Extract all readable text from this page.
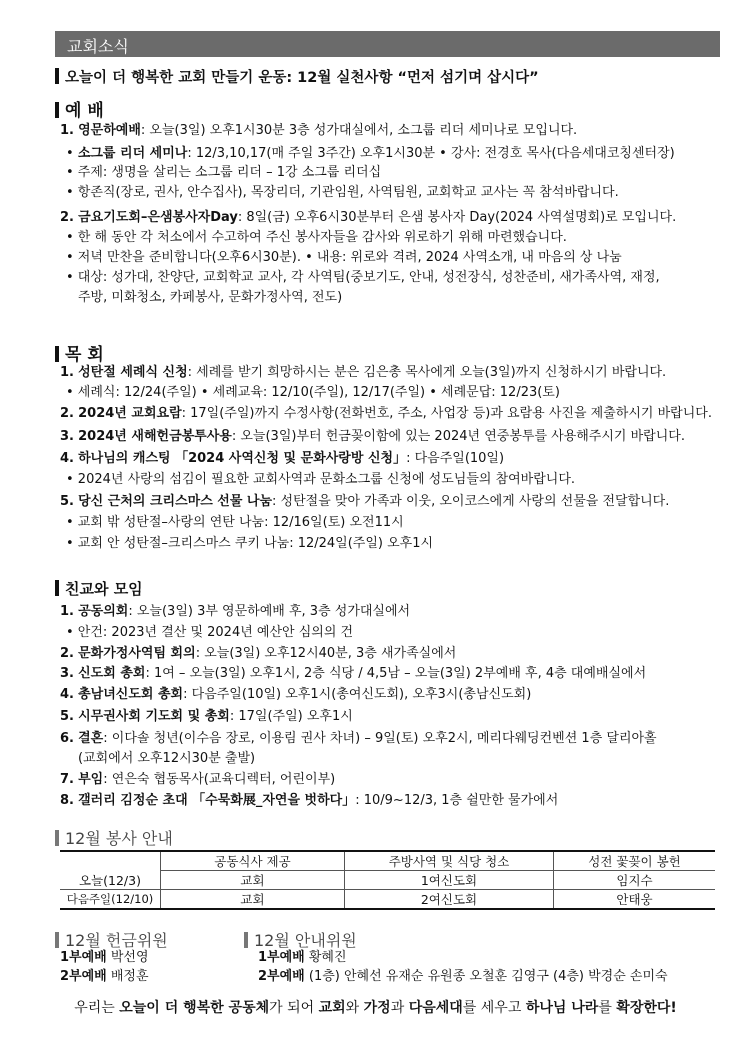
교회소식
오늘이 더 행복한 교회 만들기 운동: 12월 실천사항 “먼저 섬기며 삽시다”
예 배
1. 영문하예배: 오늘(3일) 오후1시30분 3층 성가대실에서, 소그룹 리더 세미나로 모입니다.
• 소그룹 리더 세미나: 12/3,10,17(매 주일 3주간) 오후1시30분 • 강사: 전경호 목사(다음세대코칭센터장)
• 주제: 생명을 살리는 소그룹 리더 – 1강 소그룹 리더십
• 항존직(장로, 권사, 안수집사), 목장리더, 기관임원, 사역팀원, 교회학교 교사는 꼭 참석바랍니다.
2. 금요기도회–은샘봉사자Day: 8일(금) 오후6시30분부터 은샘 봉사자 Day(2024 사역설명회)로 모입니다.
• 한 해 동안 각 처소에서 수고하여 주신 봉사자들을 감사와 위로하기 위해 마련했습니다.
• 저녁 만찬을 준비합니다(오후6시30분). • 내용: 위로와 격려, 2024 사역소개, 내 마음의 상 나눔
• 대상: 성가대, 찬양단, 교회학교 교사, 각 사역팀(중보기도, 안내, 성전장식, 성찬준비, 새가족사역, 재정,
주방, 미화청소, 카페봉사, 문화가정사역, 전도)
목 회
1. 성탄절 세례식 신청: 세례를 받기 희망하시는 분은 김은총 목사에게 오늘(3일)까지 신청하시기 바랍니다.
• 세례식: 12/24(주일) • 세례교육: 12/10(주일), 12/17(주일) • 세례문답: 12/23(토)
2. 2024년 교회요람: 17일(주일)까지 수정사항(전화번호, 주소, 사업장 등)과 요람용 사진을 제출하시기 바랍니다.
3. 2024년 새해헌금봉투사용: 오늘(3일)부터 헌금꽂이함에 있는 2024년 연중봉투를 사용해주시기 바랍니다.
4. 하나님의 캐스팅 「2024 사역신청 및 문화사랑방 신청」: 다음주일(10일)
• 2024년 사랑의 섬김이 필요한 교회사역과 문화소그룹 신청에 성도님들의 참여바랍니다.
5. 당신 근처의 크리스마스 선물 나눔: 성탄절을 맞아 가족과 이웃, 오이코스에게 사랑의 선물을 전달합니다.
• 교회 밖 성탄절–사랑의 연탄 나눔: 12/16일(토) 오전11시
• 교회 안 성탄절–크리스마스 쿠키 나눔: 12/24일(주일) 오후1시
친교와 모임
1. 공동의회: 오늘(3일) 3부 영문하예배 후, 3층 성가대실에서
• 안건: 2023년 결산 및 2024년 예산안 심의의 건
2. 문화가정사역팀 회의: 오늘(3일) 오후12시40분, 3층 새가족실에서
3. 신도회 총회: 1여 – 오늘(3일) 오후1시, 2층 식당 / 4,5남 – 오늘(3일) 2부예배 후, 4층 대예배실에서
4. 총남녀신도회 총회: 다음주일(10일) 오후1시(총여신도회), 오후3시(총남신도회)
5. 시무권사회 기도회 및 총회: 17일(주일) 오후1시
6. 결혼: 이다솔 청년(이수음 장로, 이용림 권사 차녀) – 9일(토) 오후2시, 메리다웨딩컨벤션 1층 달리아홀
(교회에서 오후12시30분 출발)
7. 부임: 연은숙 협동목사(교육디렉터, 어린이부)
8. 갤러리 김정순 초대 「수묵화展_자연을 벗하다」: 10/9~12/3, 1층 쉴만한 물가에서
12월 봉사 안내
	공동식사 제공	주방사역 및 식당 청소	성전 꽃꽂이 봉헌
오늘(12/3)	교회	1여신도회	임지수
다음주일(12/10)	교회	2여신도회	안태웅
12월 헌금위원
1부예배 박선영
2부예배 배정훈
12월 안내위원
1부예배 황혜진
2부예배 (1층) 안혜선 유재순 유원종 오철훈 김영구 (4층) 박경순 손미숙
우리는 오늘이 더 행복한 공동체가 되어 교회와 가정과 다음세대를 세우고 하나님 나라를 확장한다!
